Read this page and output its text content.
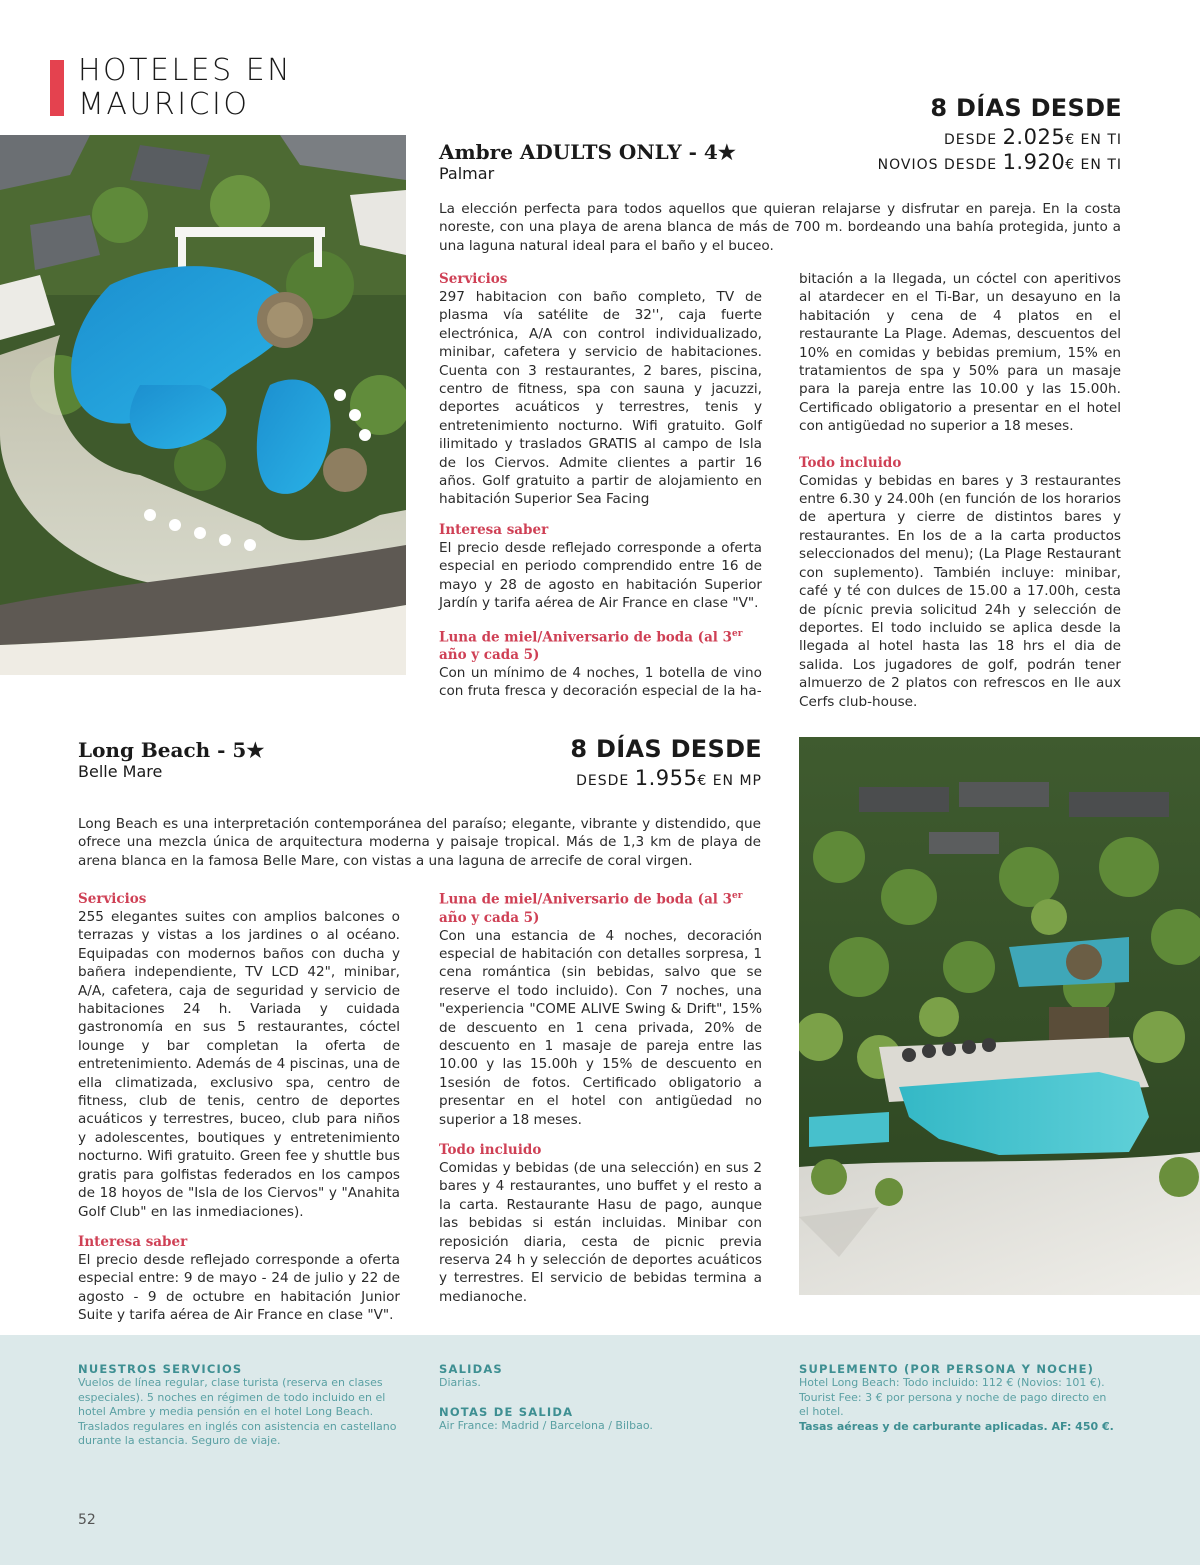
HOTELES EN
MAURICIO	8 DÍAS DESDE
DESDE 2.025€ EN TI
NOVIOS DESDE 1.920€ EN TI
Ambre ADULTS ONLY - 4★
Palmar
La elección perfecta para todos aquellos que quieran relajarse y disfrutar en pareja. En la costa noreste, con una playa de arena blanca de más de 700 m. bordeando una bahía protegida, junto a una laguna natural ideal para el baño y el buceo.
Servicios
297 habitacion con baño completo, TV de plasma vía satélite de 32'', caja fuerte electrónica, A/A con control individualizado, minibar, cafetera y servicio de habitaciones. Cuenta con 3 restaurantes, 2 bares, piscina, centro de fitness, spa con sauna y jacuzzi, deportes acuáticos y terrestres, tenis y entretenimiento nocturno. Wifi gratuito. Golf ilimitado y traslados GRATIS al campo de Isla de los Ciervos. Admite clientes a partir 16 años. Golf gratuito a partir de alojamiento en habitación Superior Sea Facing
Interesa saber
El precio desde reflejado corresponde a oferta especial en periodo comprendido entre 16 de mayo y 28 de agosto en habitación Superior Jardín y tarifa aérea de Air France en clase "V".
Luna de miel/Aniversario de boda (al 3er año y cada 5)
Con un mínimo de 4 noches, 1 botella de vino con fruta fresca y decoración especial de la ha-
bitación a la llegada, un cóctel con aperitivos al atardecer en el Ti-Bar, un desayuno en la habitación y cena de 4 platos en el restaurante La Plage. Ademas, descuentos del 10% en comidas y bebidas premium, 15% en tratamientos de spa y 50% para un masaje para la pareja entre las 10.00 y las 15.00h. Certificado obligatorio a presentar en el hotel con antigüedad no superior a 18 meses.
Todo incluido
Comidas y bebidas en bares y 3 restaurantes entre 6.30 y 24.00h (en función de los horarios de apertura y cierre de distintos bares y restaurantes. En los de a la carta productos seleccionados del menu); (La Plage Restaurant con suplemento). También incluye: minibar, café y té con dulces de 15.00 a 17.00h, cesta de pícnic previa solicitud 24h y selección de deportes. El todo incluido se aplica desde la llegada al hotel hasta las 18 hrs el dia de salida. Los jugadores de golf, podrán tener almuerzo de 2 platos con refrescos en Ile aux Cerfs club-house.
Long Beach - 5★
Belle Mare
8 DÍAS DESDE
DESDE 1.955€ EN MP
Long Beach es una interpretación contemporánea del paraíso; elegante, vibrante y distendido, que ofrece una mezcla única de arquitectura moderna y paisaje tropical. Más de 1,3 km de playa de arena blanca en la famosa Belle Mare, con vistas a una laguna de arrecife de coral virgen.
Servicios
255 elegantes suites con amplios balcones o terrazas y vistas a los jardines o al océano. Equipadas con modernos baños con ducha y bañera independiente, TV LCD 42", minibar, A/A, cafetera, caja de seguridad y servicio de habitaciones 24 h. Variada y cuidada gastronomía en sus 5 restaurantes, cóctel lounge y bar completan la oferta de entretenimiento. Además de 4 piscinas, una de ella climatizada, exclusivo spa, centro de fitness, club de tenis, centro de deportes acuáticos y terrestres, buceo, club para niños y adolescentes, boutiques y entretenimiento nocturno. Wifi gratuito. Green fee y shuttle bus gratis para golfistas federados en los campos de 18 hoyos de "Isla de los Ciervos" y "Anahita Golf Club" en las inmediaciones).
Interesa saber
El precio desde reflejado corresponde a oferta especial entre: 9 de mayo - 24 de julio y 22 de agosto - 9 de octubre en habitación Junior Suite y tarifa aérea de Air France en clase "V".
Luna de miel/Aniversario de boda (al 3er año y cada 5)
Con una estancia de 4 noches, decoración especial de habitación con detalles sorpresa, 1 cena romántica (sin bebidas, salvo que se reserve el todo incluido). Con 7 noches, una "experiencia "COME ALIVE Swing & Drift", 15% de descuento en 1 cena privada, 20% de descuento en 1 masaje de pareja entre las 10.00 y las 15.00h y 15% de descuento en 1sesión de fotos. Certificado obligatorio a presentar en el hotel con antigüedad no superior a 18 meses.
Todo incluido
Comidas y bebidas (de una selección) en sus 2 bares y 4 restaurantes, uno buffet y el resto a la carta. Restaurante Hasu de pago, aunque las bebidas si están incluidas. Minibar con reposición diaria, cesta de picnic previa reserva 24 h y selección de deportes acuáticos y terrestres. El servicio de bebidas termina a medianoche.
NUESTROS SERVICIOS
Vuelos de línea regular, clase turista (reserva en clases especiales). 5 noches en régimen de todo incluido en el hotel Ambre y media pensión en el hotel Long Beach. Traslados regulares en inglés con asistencia en castellano durante la estancia. Seguro de viaje.
SALIDAS
Diarias.
NOTAS DE SALIDA
Air France: Madrid / Barcelona / Bilbao.
SUPLEMENTO (POR PERSONA Y NOCHE)
Hotel Long Beach: Todo incluido: 112 € (Novios: 101 €).
Tourist Fee: 3 € por persona y noche de pago directo en el hotel.
Tasas aéreas y de carburante aplicadas. AF: 450 €.
52
